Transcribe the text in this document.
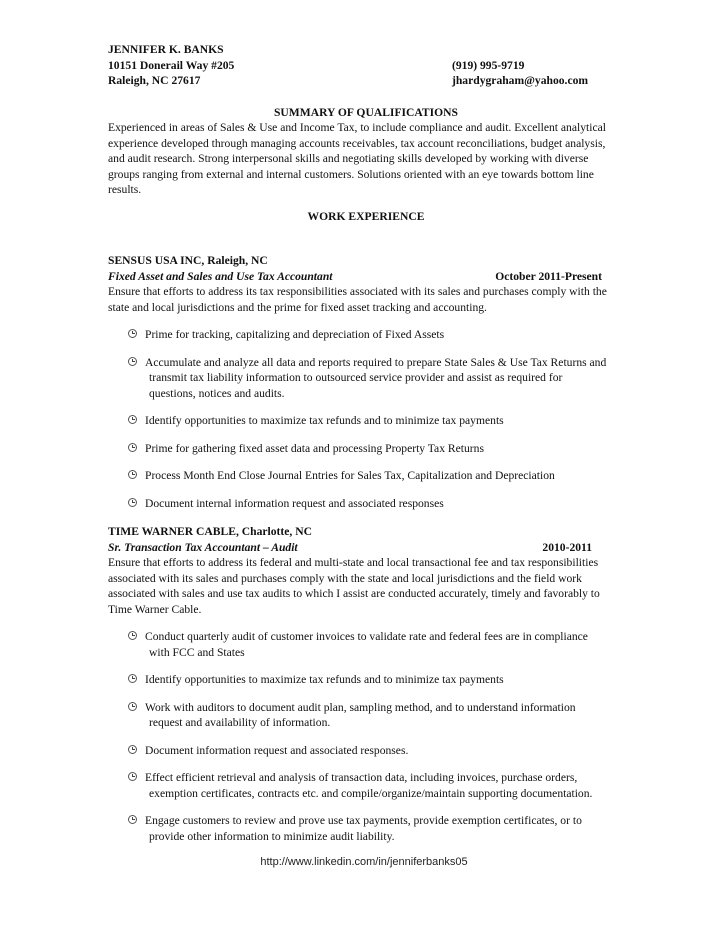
JENNIFER K. BANKS
10151 Donerail Way #205	(919) 995-9719
Raleigh, NC 27617	jhardygraham@yahoo.com
SUMMARY OF QUALIFICATIONS
Experienced in areas of Sales & Use and Income Tax, to include compliance and audit. Excellent analytical
experience developed through managing accounts receivables, tax account reconciliations, budget analysis,
and audit research. Strong interpersonal skills and negotiating skills developed by working with diverse
groups ranging from external and internal customers. Solutions oriented with an eye towards bottom line
results.
WORK EXPERIENCE
SENSUS USA INC, Raleigh, NC
Fixed Asset and Sales and Use Tax Accountant	October 2011-Present
Ensure that efforts to address its tax responsibilities associated with its sales and purchases comply with the
state and local jurisdictions and the prime for fixed asset tracking and accounting.
Prime for tracking, capitalizing and depreciation of Fixed Assets
Accumulate and analyze all data and reports required to prepare State Sales & Use Tax Returns and
transmit tax liability information to outsourced service provider and assist as required for
questions, notices and audits.
Identify opportunities to maximize tax refunds and to minimize tax payments
Prime for gathering fixed asset data and processing Property Tax Returns
Process Month End Close Journal Entries for Sales Tax, Capitalization and Depreciation
Document internal information request and associated responses
TIME WARNER CABLE, Charlotte, NC
Sr. Transaction Tax Accountant – Audit	2010-2011
Ensure that efforts to address its federal and multi-state and local transactional fee and tax responsibilities
associated with its sales and purchases comply with the state and local jurisdictions and the field work
associated with sales and use tax audits to which I assist are conducted accurately, timely and favorably to
Time Warner Cable.
Conduct quarterly audit of customer invoices to validate rate and federal fees are in compliance
with FCC and States
Identify opportunities to maximize tax refunds and to minimize tax payments
Work with auditors to document audit plan, sampling method, and to understand information
request and availability of information.
Document information request and associated responses.
Effect efficient retrieval and analysis of transaction data, including invoices, purchase orders,
exemption certificates, contracts etc. and compile/organize/maintain supporting documentation.
Engage customers to review and prove use tax payments, provide exemption certificates, or to
provide other information to minimize audit liability.
http://www.linkedin.com/in/jenniferbanks05
